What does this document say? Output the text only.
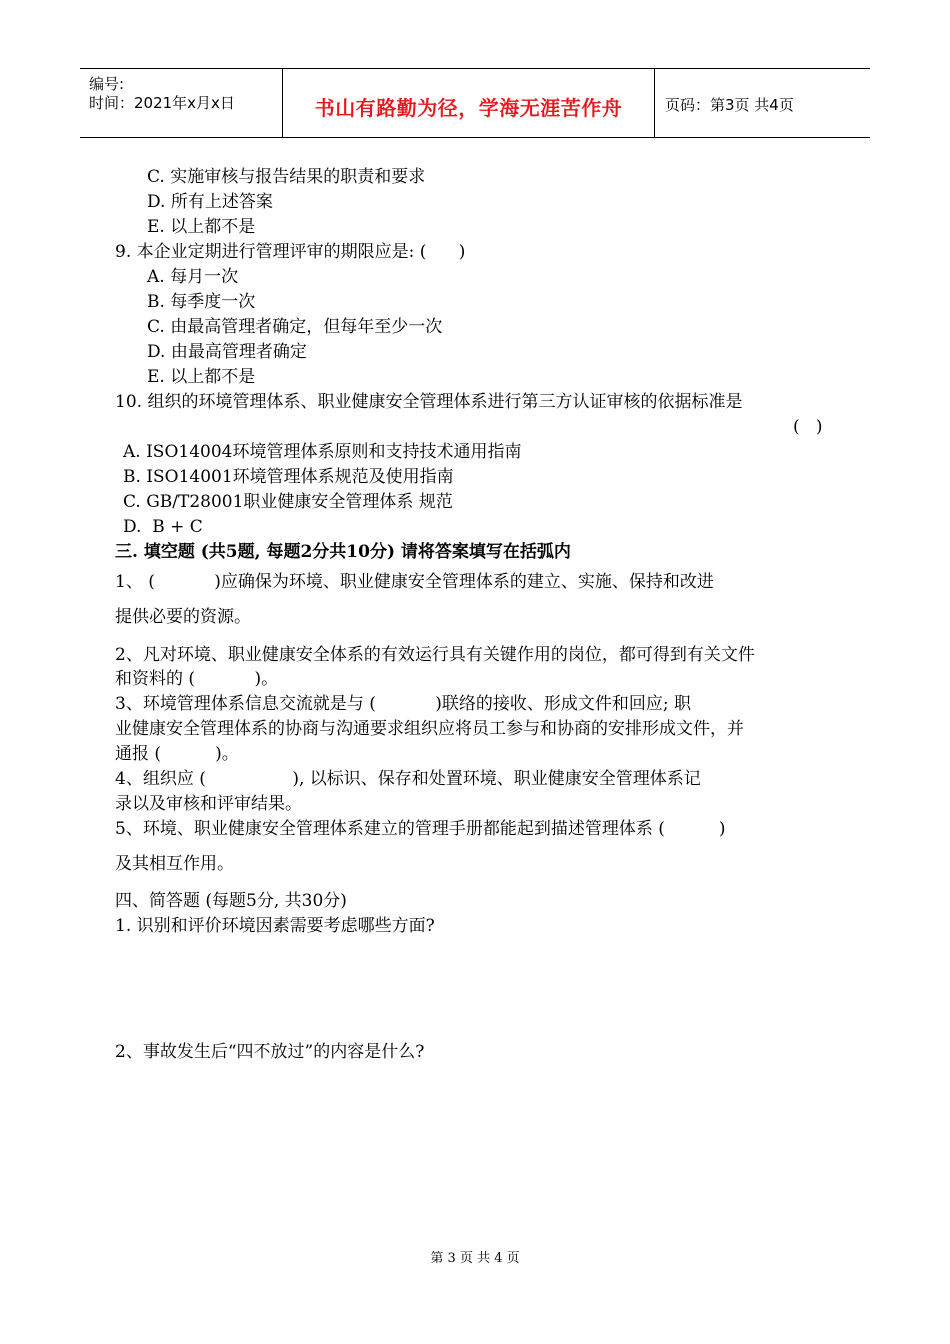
编号:
时间：2021年x月x日	书山有路勤为径，学海无涯苦作舟	页码：第3页 共4页
C. 实施审核与报告结果的职责和要求
D. 所有上述答案
E. 以上都不是
9. 本企业定期进行管理评审的期限应是: (      )
A. 每月一次
B. 每季度一次
C. 由最高管理者确定，但每年至少一次
D. 由最高管理者确定
E. 以上都不是
10. 组织的环境管理体系、职业健康安全管理体系进行第三方认证审核的依据标准是
(   )
A. ISO14004环境管理体系原则和支持技术通用指南
B. ISO14001环境管理体系规范及使用指南
C. GB/T28001职业健康安全管理体系 规范
D.  B + C
三. 填空题 (共5题, 每题2分共10分) 请将答案填写在括弧内
1、 (           )应确保为环境、职业健康安全管理体系的建立、实施、保持和改进
提供必要的资源。
2、凡对环境、职业健康安全体系的有效运行具有关键作用的岗位，都可得到有关文件
和资料的 (           )。
3、环境管理体系信息交流就是与 (           )联络的接收、形成文件和回应; 职
业健康安全管理体系的协商与沟通要求组织应将员工参与和协商的安排形成文件，并
通报 (          )。
4、组织应 (                ), 以标识、保存和处置环境、职业健康安全管理体系记
录以及审核和评审结果。
5、环境、职业健康安全管理体系建立的管理手册都能起到描述管理体系 (          )
及其相互作用。
四、简答题 (每题5分, 共30分)
1. 识别和评价环境因素需要考虑哪些方面?
2、事故发生后“四不放过”的内容是什么?
第 3 页 共 4 页
